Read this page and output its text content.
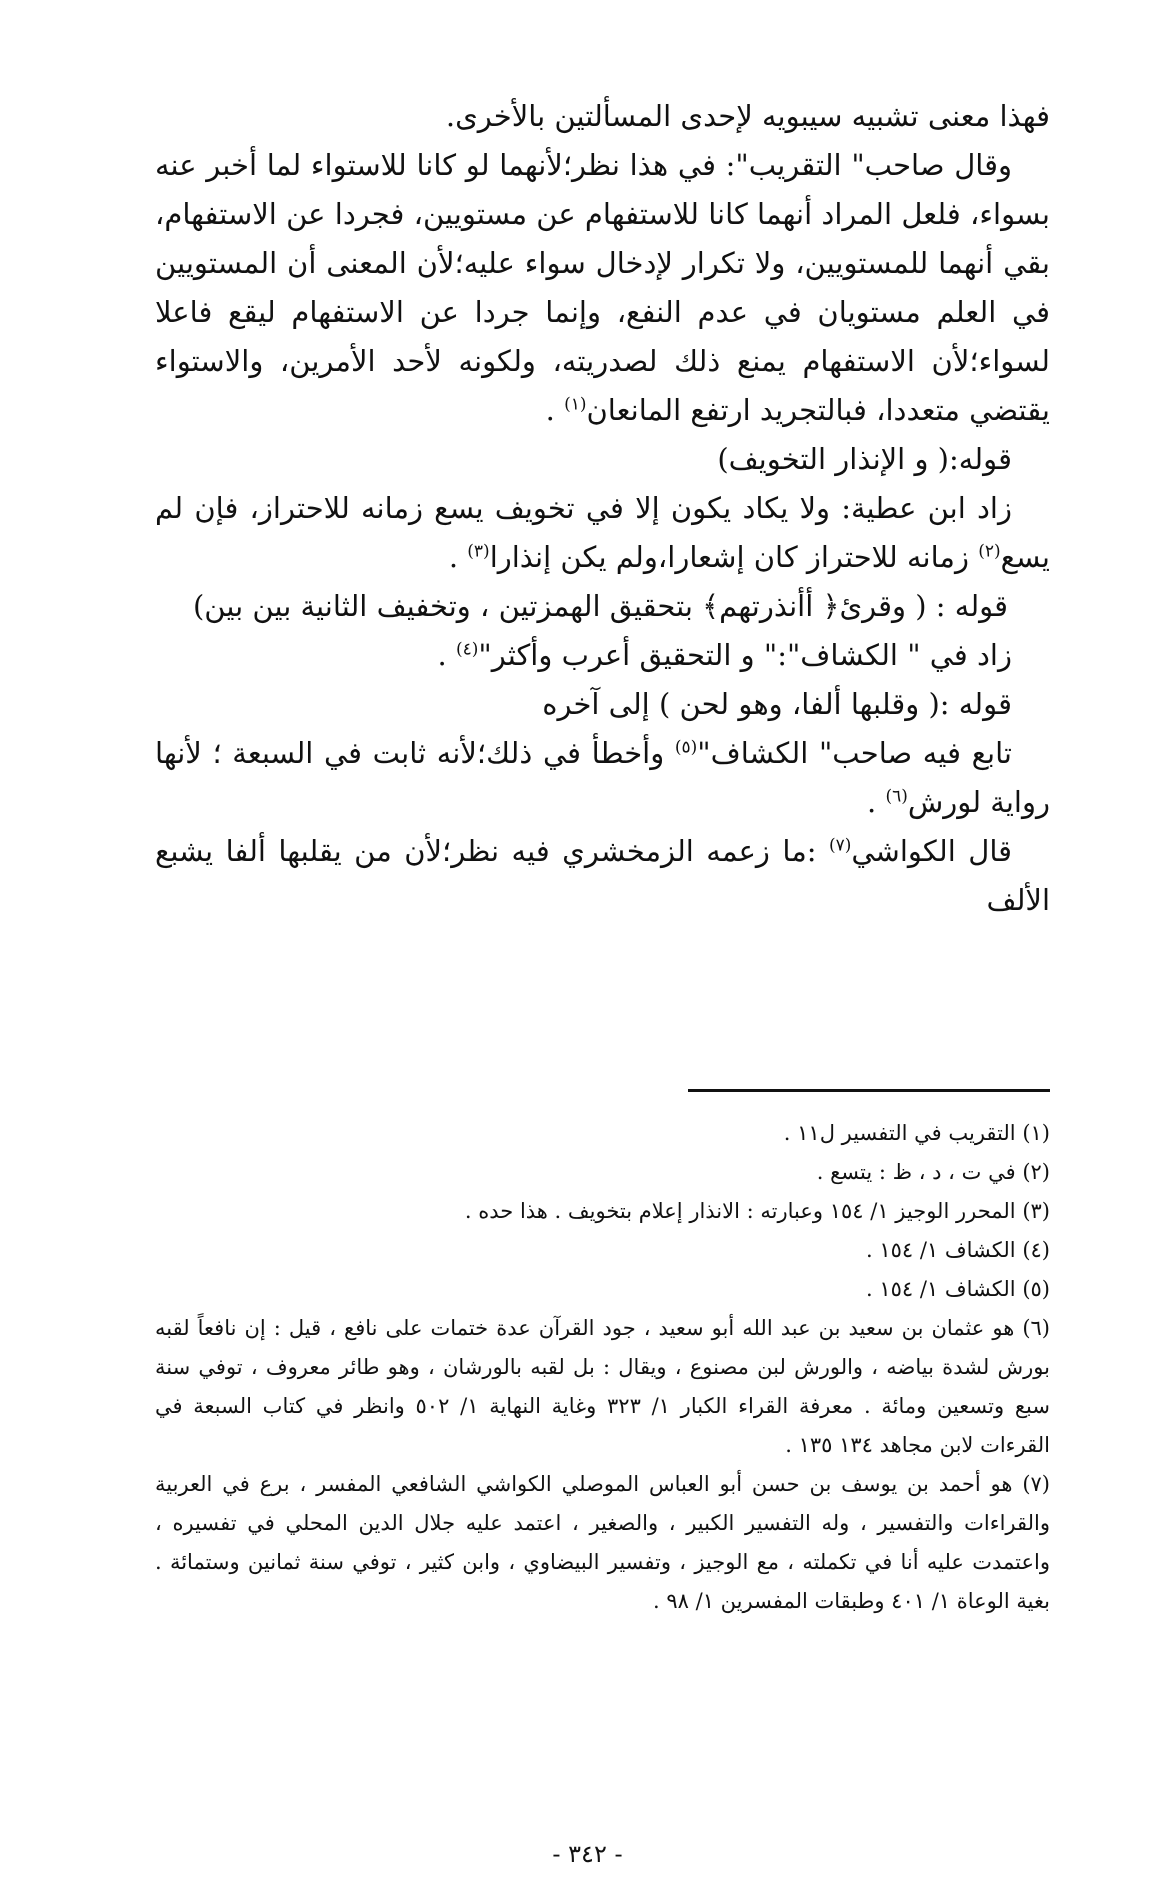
فهذا معنى تشبيه سيبويه لإحدى المسألتين بالأخرى.

وقال صاحب" التقريب": في هذا نظر؛لأنهما لو كانا للاستواء لما أخبر عنه بسواء، فلعل المراد أنهما كانا للاستفهام عن مستويين، فجردا عن الاستفهام، بقي أنهما للمستويين، ولا تكرار لإدخال سواء عليه؛لأن المعنى أن المستويين في العلم مستويان في عدم النفع، وإنما جردا عن الاستفهام ليقع فاعلا لسواء؛لأن الاستفهام يمنع ذلك لصدريته، ولكونه لأحد الأمرين، والاستواء يقتضي متعددا، فبالتجريد ارتفع المانعان$^{(١)}$ .

قوله:( و الإنذار التخويف)

زاد ابن عطية: ولا يكاد يكون إلا في تخويف يسع زمانه للاحتراز، فإن لم يسع$^{(٢)}$ زمانه للاحتراز كان إشعارا،ولم يكن إنذارا$^{(٣)}$ .

قوله : ( وقرئ﴿ أأنذرتهم﴾ بتحقيق الهمزتين ، وتخفيف الثانية بين بين)

زاد في " الكشاف":" و التحقيق أعرب وأكثر"$^{(٤)}$ .

قوله :( وقلبها ألفا، وهو لحن ) إلى آخره

تابع فيه صاحب" الكشاف"$^{(٥)}$ وأخطأ في ذلك؛لأنه ثابت في السبعة ؛ لأنها رواية لورش$^{(٦)}$ .

قال الكواشي$^{(٧)}$ :ما زعمه الزمخشري فيه نظر؛لأن من يقلبها ألفا يشبع الألف

(١) التقريب في التفسير ل١١ .

(٢) في ت ، د ، ظ : يتسع .

(٣) المحرر الوجيز ١/ ١٥٤ وعبارته : الانذار إعلام بتخويف . هذا حده .

(٤) الكشاف ١/ ١٥٤ .

(٥) الكشاف ١/ ١٥٤ .

(٦) هو عثمان بن سعيد بن عبد الله أبو سعيد ، جود القرآن عدة ختمات على نافع ، قيل : إن نافعاً لقبه بورش لشدة بياضه ، والورش لبن مصنوع ، ويقال : بل لقبه بالورشان ، وهو طائر معروف ، توفي سنة سبع وتسعين ومائة . معرفة القراء الكبار ١/ ٣٢٣ وغاية النهاية ١/ ٥٠٢ وانظر في كتاب السبعة في القرءات لابن مجاهد ١٣٤ ١٣٥ .

(٧) هو أحمد بن يوسف بن حسن أبو العباس الموصلي الكواشي الشافعي المفسر ، برع في العربية والقراءات والتفسير ، وله التفسير الكبير ، والصغير ، اعتمد عليه جلال الدين المحلي في تفسيره ، واعتمدت عليه أنا في تكملته ، مع الوجيز ، وتفسير البيضاوي ، وابن كثير ، توفي سنة ثمانين وستمائة . بغية الوعاة ١/ ٤٠١ وطبقات المفسرين ١/ ٩٨ .

- ٣٤٢ -
